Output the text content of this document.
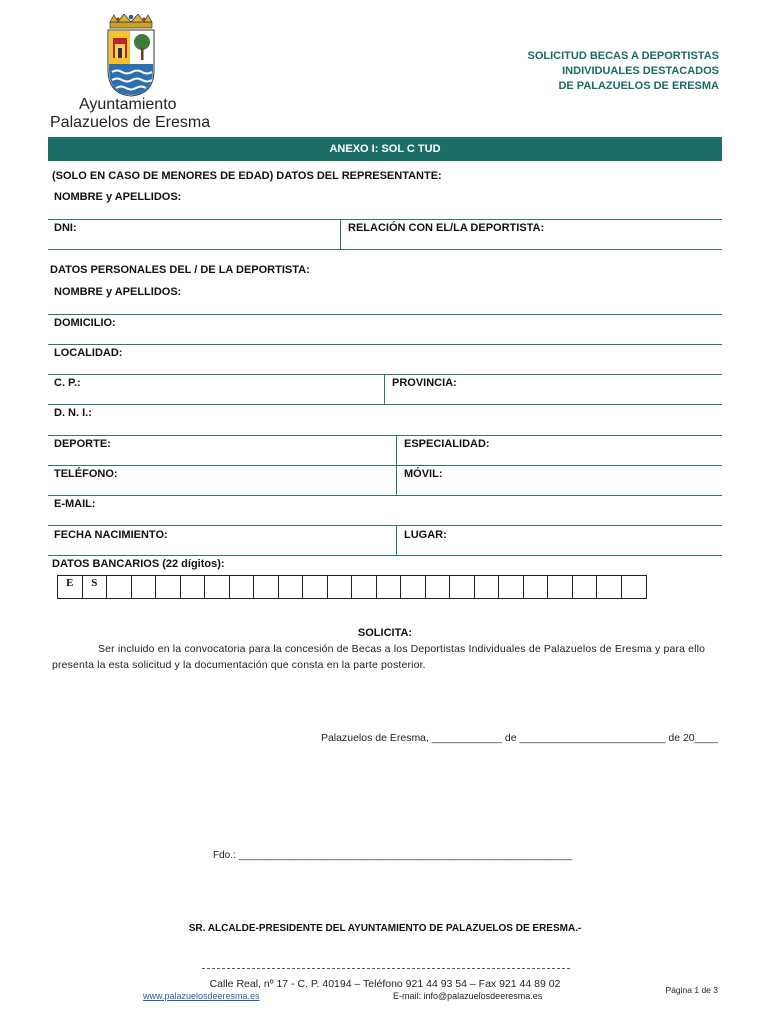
Ayuntamiento
Palazuelos de Eresma
SOLICITUD BECAS A DEPORTISTAS
INDIVIDUALES DESTACADOS
DE PALAZUELOS DE ERESMA
ANEXO I: SOL C TUD
(SOLO EN CASO DE MENORES DE EDAD) DATOS DEL REPRESENTANTE:
NOMBRE y APELLIDOS:
DNI:	RELACIÓN CON EL/LA DEPORTISTA:
DATOS PERSONALES DEL / DE LA DEPORTISTA:
NOMBRE y APELLIDOS:
DOMICILIO:
LOCALIDAD:
C. P.:	PROVINCIA:
D. N. I.:
DEPORTE:	ESPECIALIDAD:
TELÉFONO:	MÓVIL:
E-MAIL:
FECHA NACIMIENTO:	LUGAR:
DATOS BANCARIOS (22 dígitos):
E	S
SOLICITA:
Ser incluido en la convocatoria para la concesión de Becas a los Deportistas Individuales de Palazuelos de Eresma y para ello presenta la esta solicitud y la documentación que consta en la parte posterior.
Palazuelos de Eresma, ____________ de _________________________ de 20____
Fdo.: ____________________________________________________________
SR. ALCALDE-PRESIDENTE DEL AYUNTAMIENTO DE PALAZUELOS DE ERESMA.-
Calle Real, nº 17 - C. P. 40194 – Teléfono 921 44 93 54 – Fax 921 44 89 02
www.palazuelosdeeresma.es	E-mail: info@palazuelosdeeresma.es
Página 1 de 3
